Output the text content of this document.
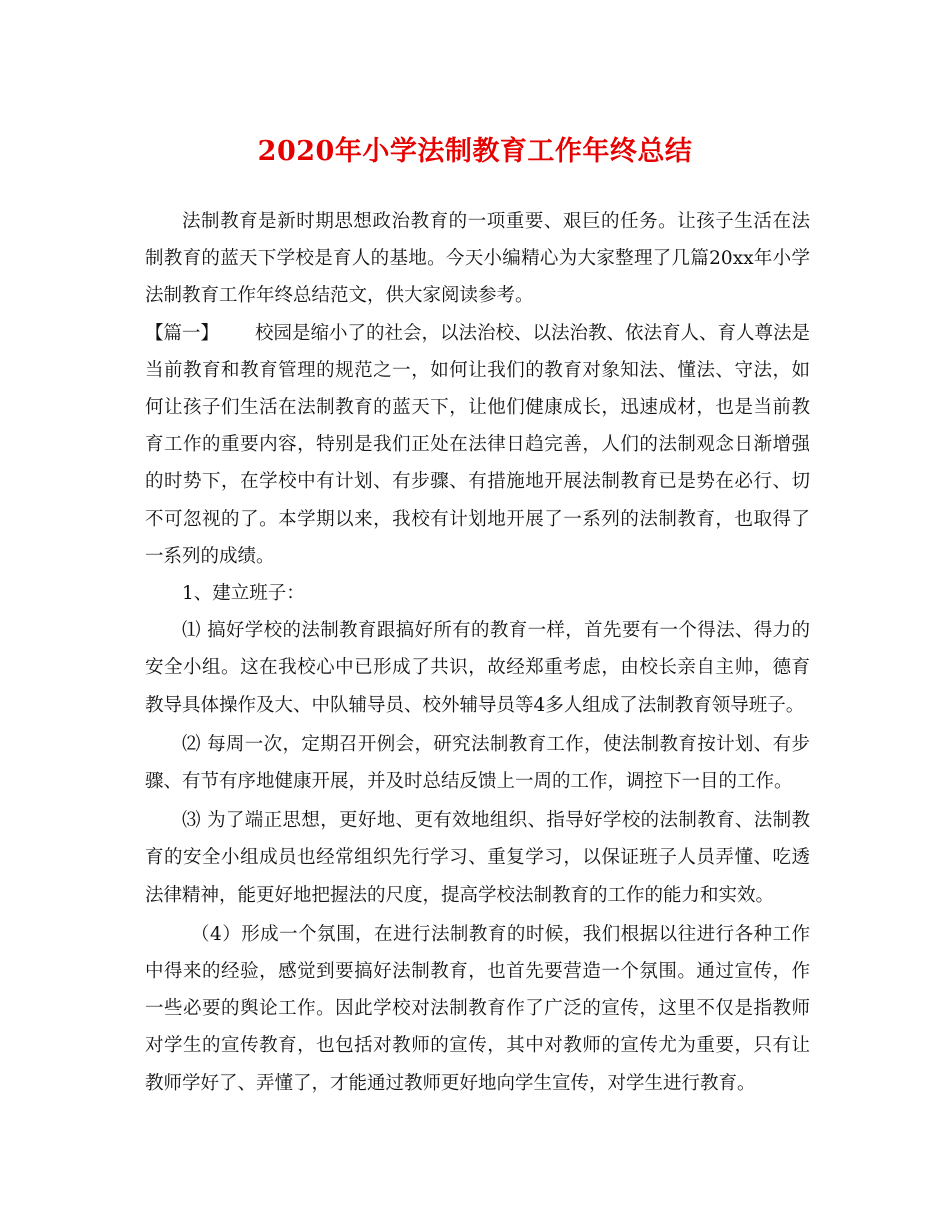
2020年小学法制教育工作年终总结

法制教育是新时期思想政治教育的一项重要、艰巨的任务。让孩子生活在法制教育的蓝天下学校是育人的基地。今天小编精心为大家整理了几篇20xx年小学法制教育工作年终总结范文，供大家阅读参考。

【篇一】 校园是缩小了的社会，以法治校、以法治教、依法育人、育人尊法是当前教育和教育管理的规范之一，如何让我们的教育对象知法、懂法、守法，如何让孩子们生活在法制教育的蓝天下，让他们健康成长，迅速成材，也是当前教育工作的重要内容，特别是我们正处在法律日趋完善，人们的法制观念日渐增强的时势下，在学校中有计划、有步骤、有措施地开展法制教育已是势在必行、切不可忽视的了。本学期以来，我校有计划地开展了一系列的法制教育，也取得了一系列的成绩。

1、建立班子：

⑴ 搞好学校的法制教育跟搞好所有的教育一样，首先要有一个得法、得力的安全小组。这在我校心中已形成了共识，故经郑重考虑，由校长亲自主帅，德育教导具体操作及大、中队辅导员、校外辅导员等4多人组成了法制教育领导班子。

⑵ 每周一次，定期召开例会，研究法制教育工作，使法制教育按计划、有步骤、有节有序地健康开展，并及时总结反馈上一周的工作，调控下一目的工作。

⑶ 为了端正思想，更好地、更有效地组织、指导好学校的法制教育、法制教育的安全小组成员也经常组织先行学习、重复学习，以保证班子人员弄懂、吃透法律精神，能更好地把握法的尺度，提高学校法制教育的工作的能力和实效。

（4）形成一个氛围，在进行法制教育的时候，我们根据以往进行各种工作中得来的经验，感觉到要搞好法制教育，也首先要营造一个氛围。通过宣传，作一些必要的舆论工作。因此学校对法制教育作了广泛的宣传，这里不仅是指教师对学生的宣传教育，也包括对教师的宣传，其中对教师的宣传尤为重要，只有让教师学好了、弄懂了，才能通过教师更好地向学生宣传，对学生进行教育。
